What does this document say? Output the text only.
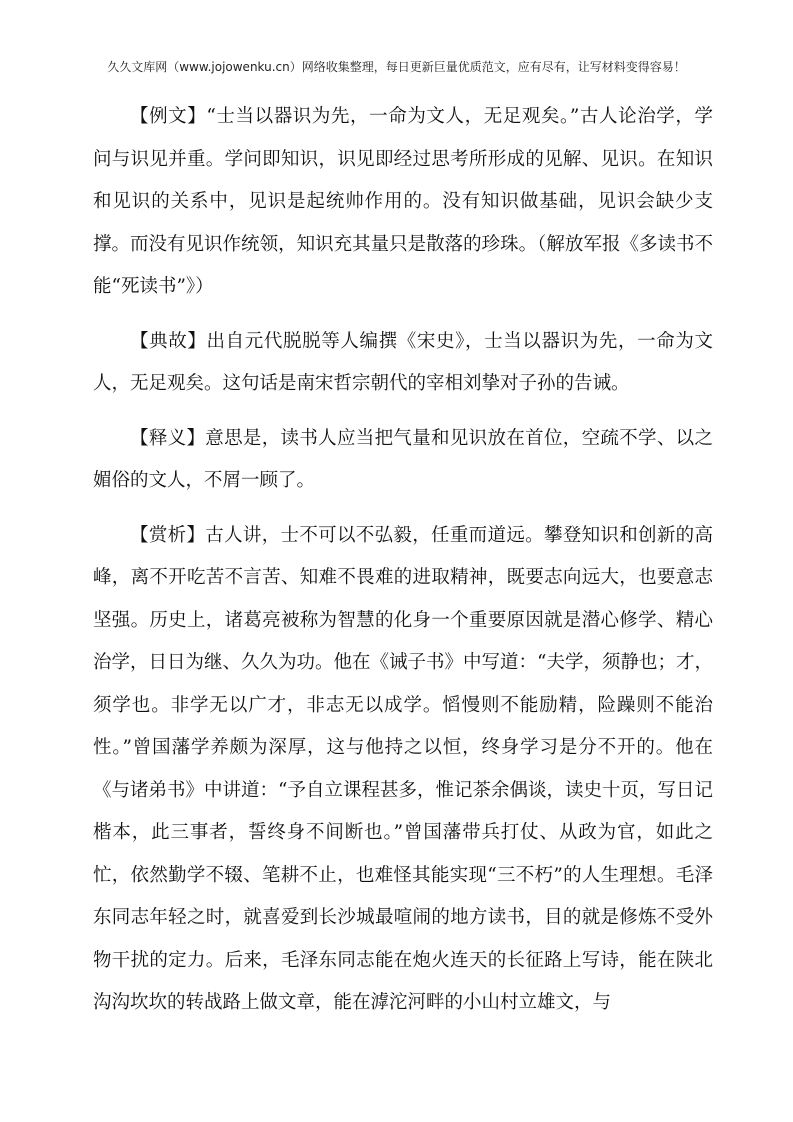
久久文库网（www.jojowenku.cn）网络收集整理，每日更新巨量优质范文，应有尽有，让写材料变得容易！

【例文】“士当以器识为先，一命为文人，无足观矣。”古人论治学，学问与识见并重。学问即知识，识见即经过思考所形成的见解、见识。在知识和见识的关系中，见识是起统帅作用的。没有知识做基础，见识会缺少支撑。而没有见识作统领，知识充其量只是散落的珍珠。（解放军报《多读书不能“死读书”》）

【典故】出自元代脱脱等人编撰《宋史》，士当以器识为先，一命为文人，无足观矣。这句话是南宋哲宗朝代的宰相刘挚对子孙的告诫。

【释义】意思是，读书人应当把气量和见识放在首位，空疏不学、以之媚俗的文人，不屑一顾了。

【赏析】古人讲，士不可以不弘毅，任重而道远。攀登知识和创新的高峰，离不开吃苦不言苦、知难不畏难的进取精神，既要志向远大，也要意志坚强。历史上，诸葛亮被称为智慧的化身一个重要原因就是潜心修学、精心治学，日日为继、久久为功。他在《诫子书》中写道：“夫学，须静也；才，须学也。非学无以广才，非志无以成学。慆慢则不能励精，险躁则不能治性。”曾国藩学养颇为深厚，这与他持之以恒，终身学习是分不开的。他在《与诸弟书》中讲道：“予自立课程甚多，惟记茶余偶谈，读史十页，写日记楷本，此三事者，誓终身不间断也。”曾国藩带兵打仗、从政为官，如此之忙，依然勤学不辍、笔耕不止，也难怪其能实现“三不朽”的人生理想。毛泽东同志年轻之时，就喜爱到长沙城最喧闹的地方读书，目的就是修炼不受外物干扰的定力。后来，毛泽东同志能在炮火连天的长征路上写诗，能在陕北沟沟坎坎的转战路上做文章，能在滹沱河畔的小山村立雄文，与
